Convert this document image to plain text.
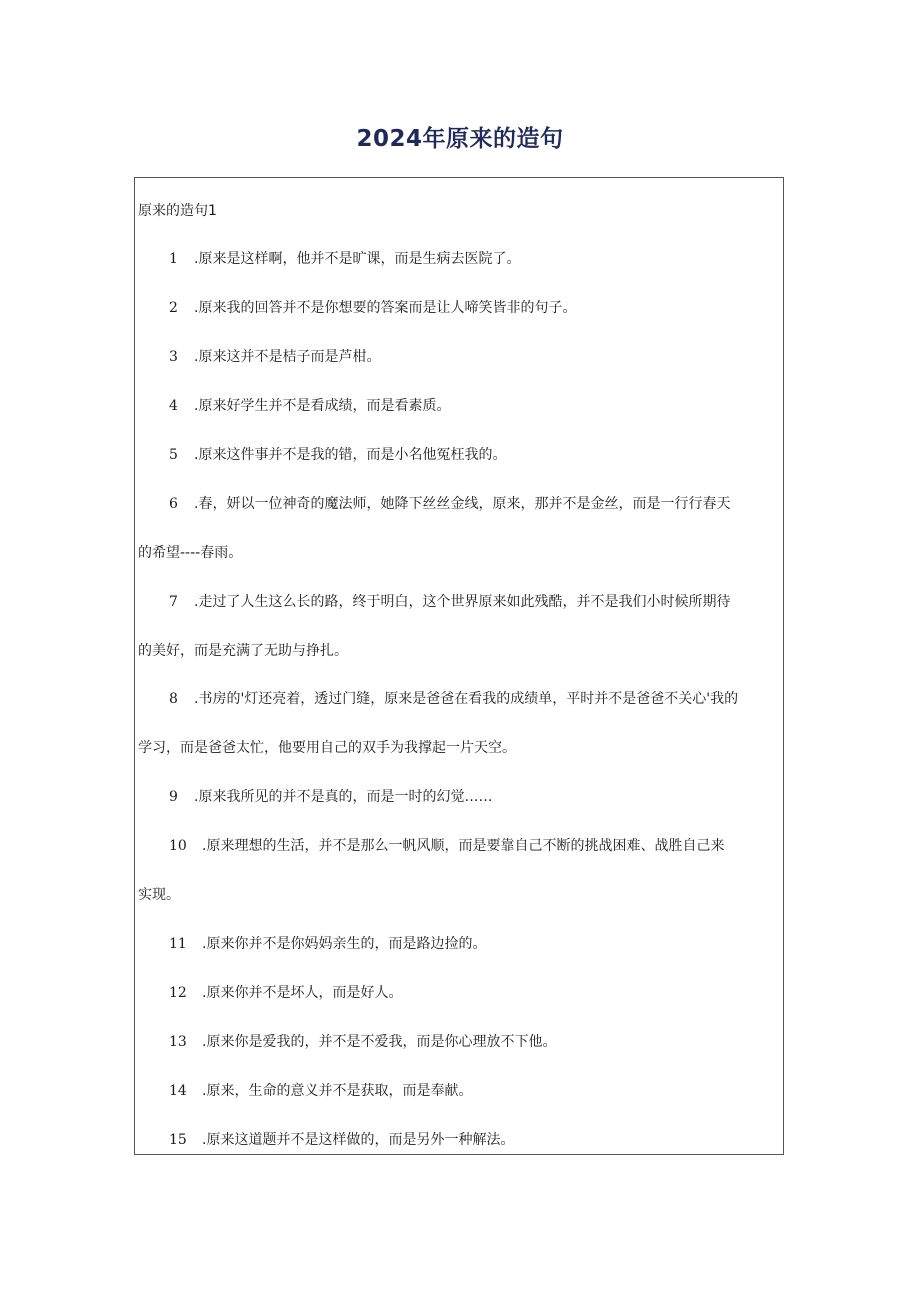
2024年原来的造句
原来的造句1
1 .原来是这样啊，他并不是旷课，而是生病去医院了。
2 .原来我的回答并不是你想要的答案而是让人啼笑皆非的句子。
3 .原来这并不是桔子而是芦柑。
4 .原来好学生并不是看成绩，而是看素质。
5 .原来这件事并不是我的错，而是小名他冤枉我的。
6 .春，妍以一位神奇的魔法师，她降下丝丝金线，原来，那并不是金丝，而是一行行春天
的希望----春雨。
7 .走过了人生这么长的路，终于明白，这个世界原来如此残酷，并不是我们小时候所期待
的美好，而是充满了无助与挣扎。
8 .书房的'灯还亮着，透过门缝，原来是爸爸在看我的成绩单，平时并不是爸爸不关心'我的
学习，而是爸爸太忙，他要用自己的双手为我撑起一片天空。
9 .原来我所见的并不是真的，而是一时的幻觉……
10 .原来理想的生活，并不是那么一帆风顺，而是要靠自己不断的挑战困难、战胜自己来
实现。
11 .原来你并不是你妈妈亲生的，而是路边捡的。
12 .原来你并不是坏人，而是好人。
13 .原来你是爱我的，并不是不爱我，而是你心理放不下他。
14 .原来，生命的意义并不是获取，而是奉献。
15 .原来这道题并不是这样做的，而是另外一种解法。
